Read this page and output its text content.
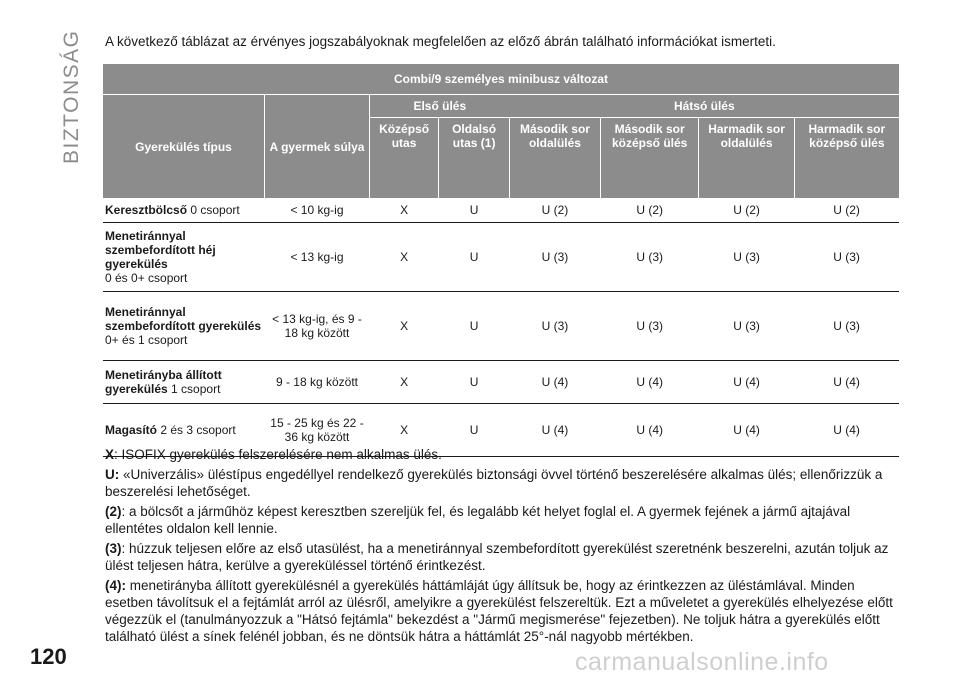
BIZTONSÁG A következő táblázat az érvényes jogszabályoknak megfelelően az előző ábrán található információkat ismerteti.
Combi/9 személyes minibusz változat							
Gyerekülés típus	A gyermek súlya	Első ülés		Hátsó ülés			
		Középső utas	Oldalsó utas (1)	Második sor oldalülés	Második sor középső ülés	Harmadik sor oldalülés	Harmadik sor középső ülés
Keresztbölcső 0 csoport	< 10 kg-ig	X	U	U (2)	U (2)	U (2)	U (2)
Menetiránnyal szembefordított héj gyerekülés
0 és 0+ csoport	< 13 kg-ig	X	U	U (3)	U (3)	U (3)	U (3)
Menetiránnyal szembefordított gyerekülés
0+ és 1 csoport	< 13 kg-ig, és 9 - 18 kg között	X	U	U (3)	U (3)	U (3)	U (3)
Menetirányba állított gyerekülés 1 csoport	9 - 18 kg között	X	U	U (4)	U (4)	U (4)	U (4)
Magasító 2 és 3 csoport	15 - 25 kg és 22 - 36 kg között	X	U	U (4)	U (4)	U (4)	U (4)

X: ISOFIX gyerekülés felszerelésére nem alkalmas ülés.

U: «Univerzális» üléstípus engedéllyel rendelkező gyerekülés biztonsági övvel történő beszerelésére alkalmas ülés; ellenőrizzük a beszerelési lehetőséget.

(2): a bölcsőt a járműhöz képest keresztben szereljük fel, és legalább két helyet foglal el. A gyermek fejének a jármű ajtajával ellentétes oldalon kell lennie.

(3): húzzuk teljesen előre az első utasülést, ha a menetiránnyal szembefordított gyerekülést szeretnénk beszerelni, azután toljuk az ülést teljesen hátra, kerülve a gyereküléssel történő érintkezést.

(4): menetirányba állított gyerekülésnél a gyerekülés háttámláját úgy állítsuk be, hogy az érintkezzen az üléstámlával. Minden esetben távolítsuk el a fejtámlát arról az ülésről, amelyikre a gyerekülést felszereltük. Ezt a műveletet a gyerekülés elhelyezése előtt végezzük el (tanulmányozzuk a "Hátsó fejtámla" bekezdést a "Jármű megismerése" fejezetben). Ne toljuk hátra a gyerekülés előtt található ülést a sínek felénél jobban, és ne döntsük hátra a háttámlát 25°-nál nagyobb mértékben.

120	carmanualsonline.info
